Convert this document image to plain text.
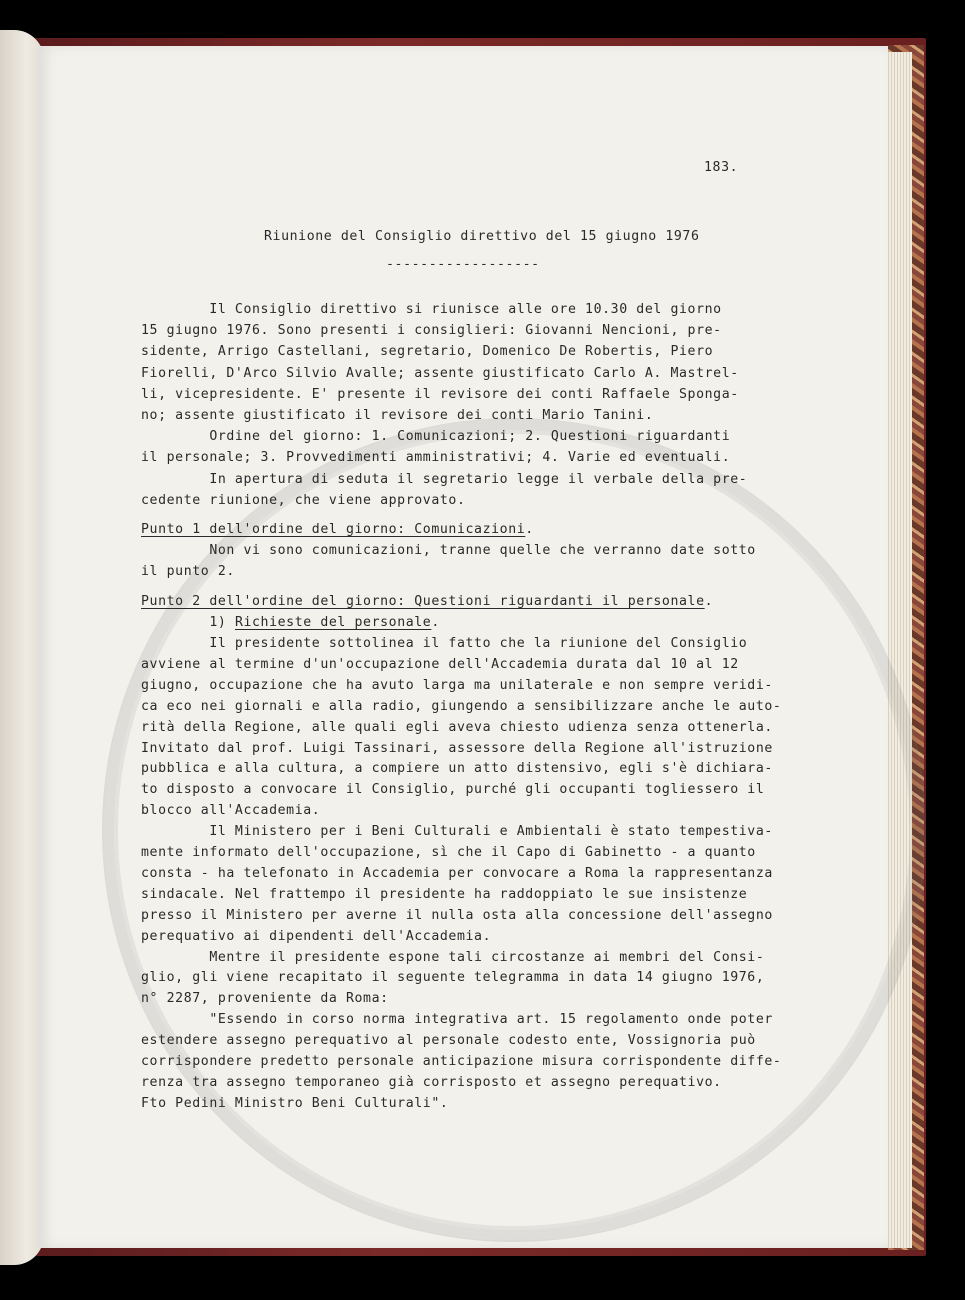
183.
Riunione del Consiglio direttivo del 15 giugno 1976
------------------
Il Consiglio direttivo si riunisce alle ore 10.30 del giorno
15 giugno 1976. Sono presenti i consiglieri: Giovanni Nencioni, pre-
sidente, Arrigo Castellani, segretario, Domenico De Robertis, Piero
Fiorelli, D'Arco Silvio Avalle; assente giustificato Carlo A. Mastrel-
li, vicepresidente. E' presente il revisore dei conti Raffaele Sponga-
no; assente giustificato il revisore dei conti Mario Tanini.
Ordine del giorno: 1. Comunicazioni; 2. Questioni riguardanti
il personale; 3. Provvedimenti amministrativi; 4. Varie ed eventuali.
In apertura di seduta il segretario legge il verbale della pre-
cedente riunione, che viene approvato.
Punto 1 dell'ordine del giorno: Comunicazioni.
Non vi sono comunicazioni, tranne quelle che verranno date sotto
il punto 2.
Punto 2 dell'ordine del giorno: Questioni riguardanti il personale.
1) Richieste del personale.
Il presidente sottolinea il fatto che la riunione del Consiglio
avviene al termine d'un'occupazione dell'Accademia durata dal 10 al 12
giugno, occupazione che ha avuto larga ma unilaterale e non sempre veridi-
ca eco nei giornali e alla radio, giungendo a sensibilizzare anche le auto-
rità della Regione, alle quali egli aveva chiesto udienza senza ottenerla.
Invitato dal prof. Luigi Tassinari, assessore della Regione all'istruzione
pubblica e alla cultura, a compiere un atto distensivo, egli s'è dichiara-
to disposto a convocare il Consiglio, purché gli occupanti togliessero il
blocco all'Accademia.
Il Ministero per i Beni Culturali e Ambientali è stato tempestiva-
mente informato dell'occupazione, sì che il Capo di Gabinetto - a quanto
consta - ha telefonato in Accademia per convocare a Roma la rappresentanza
sindacale. Nel frattempo il presidente ha raddoppiato le sue insistenze
presso il Ministero per averne il nulla osta alla concessione dell'assegno
perequativo ai dipendenti dell'Accademia.
Mentre il presidente espone tali circostanze ai membri del Consi-
glio, gli viene recapitato il seguente telegramma in data 14 giugno 1976,
n° 2287, proveniente da Roma:
"Essendo in corso norma integrativa art. 15 regolamento onde poter
estendere assegno perequativo al personale codesto ente, Vossignoria può
corrispondere predetto personale anticipazione misura corrispondente diffe-
renza tra assegno temporaneo già corrisposto et assegno perequativo.
Fto Pedini Ministro Beni Culturali".
